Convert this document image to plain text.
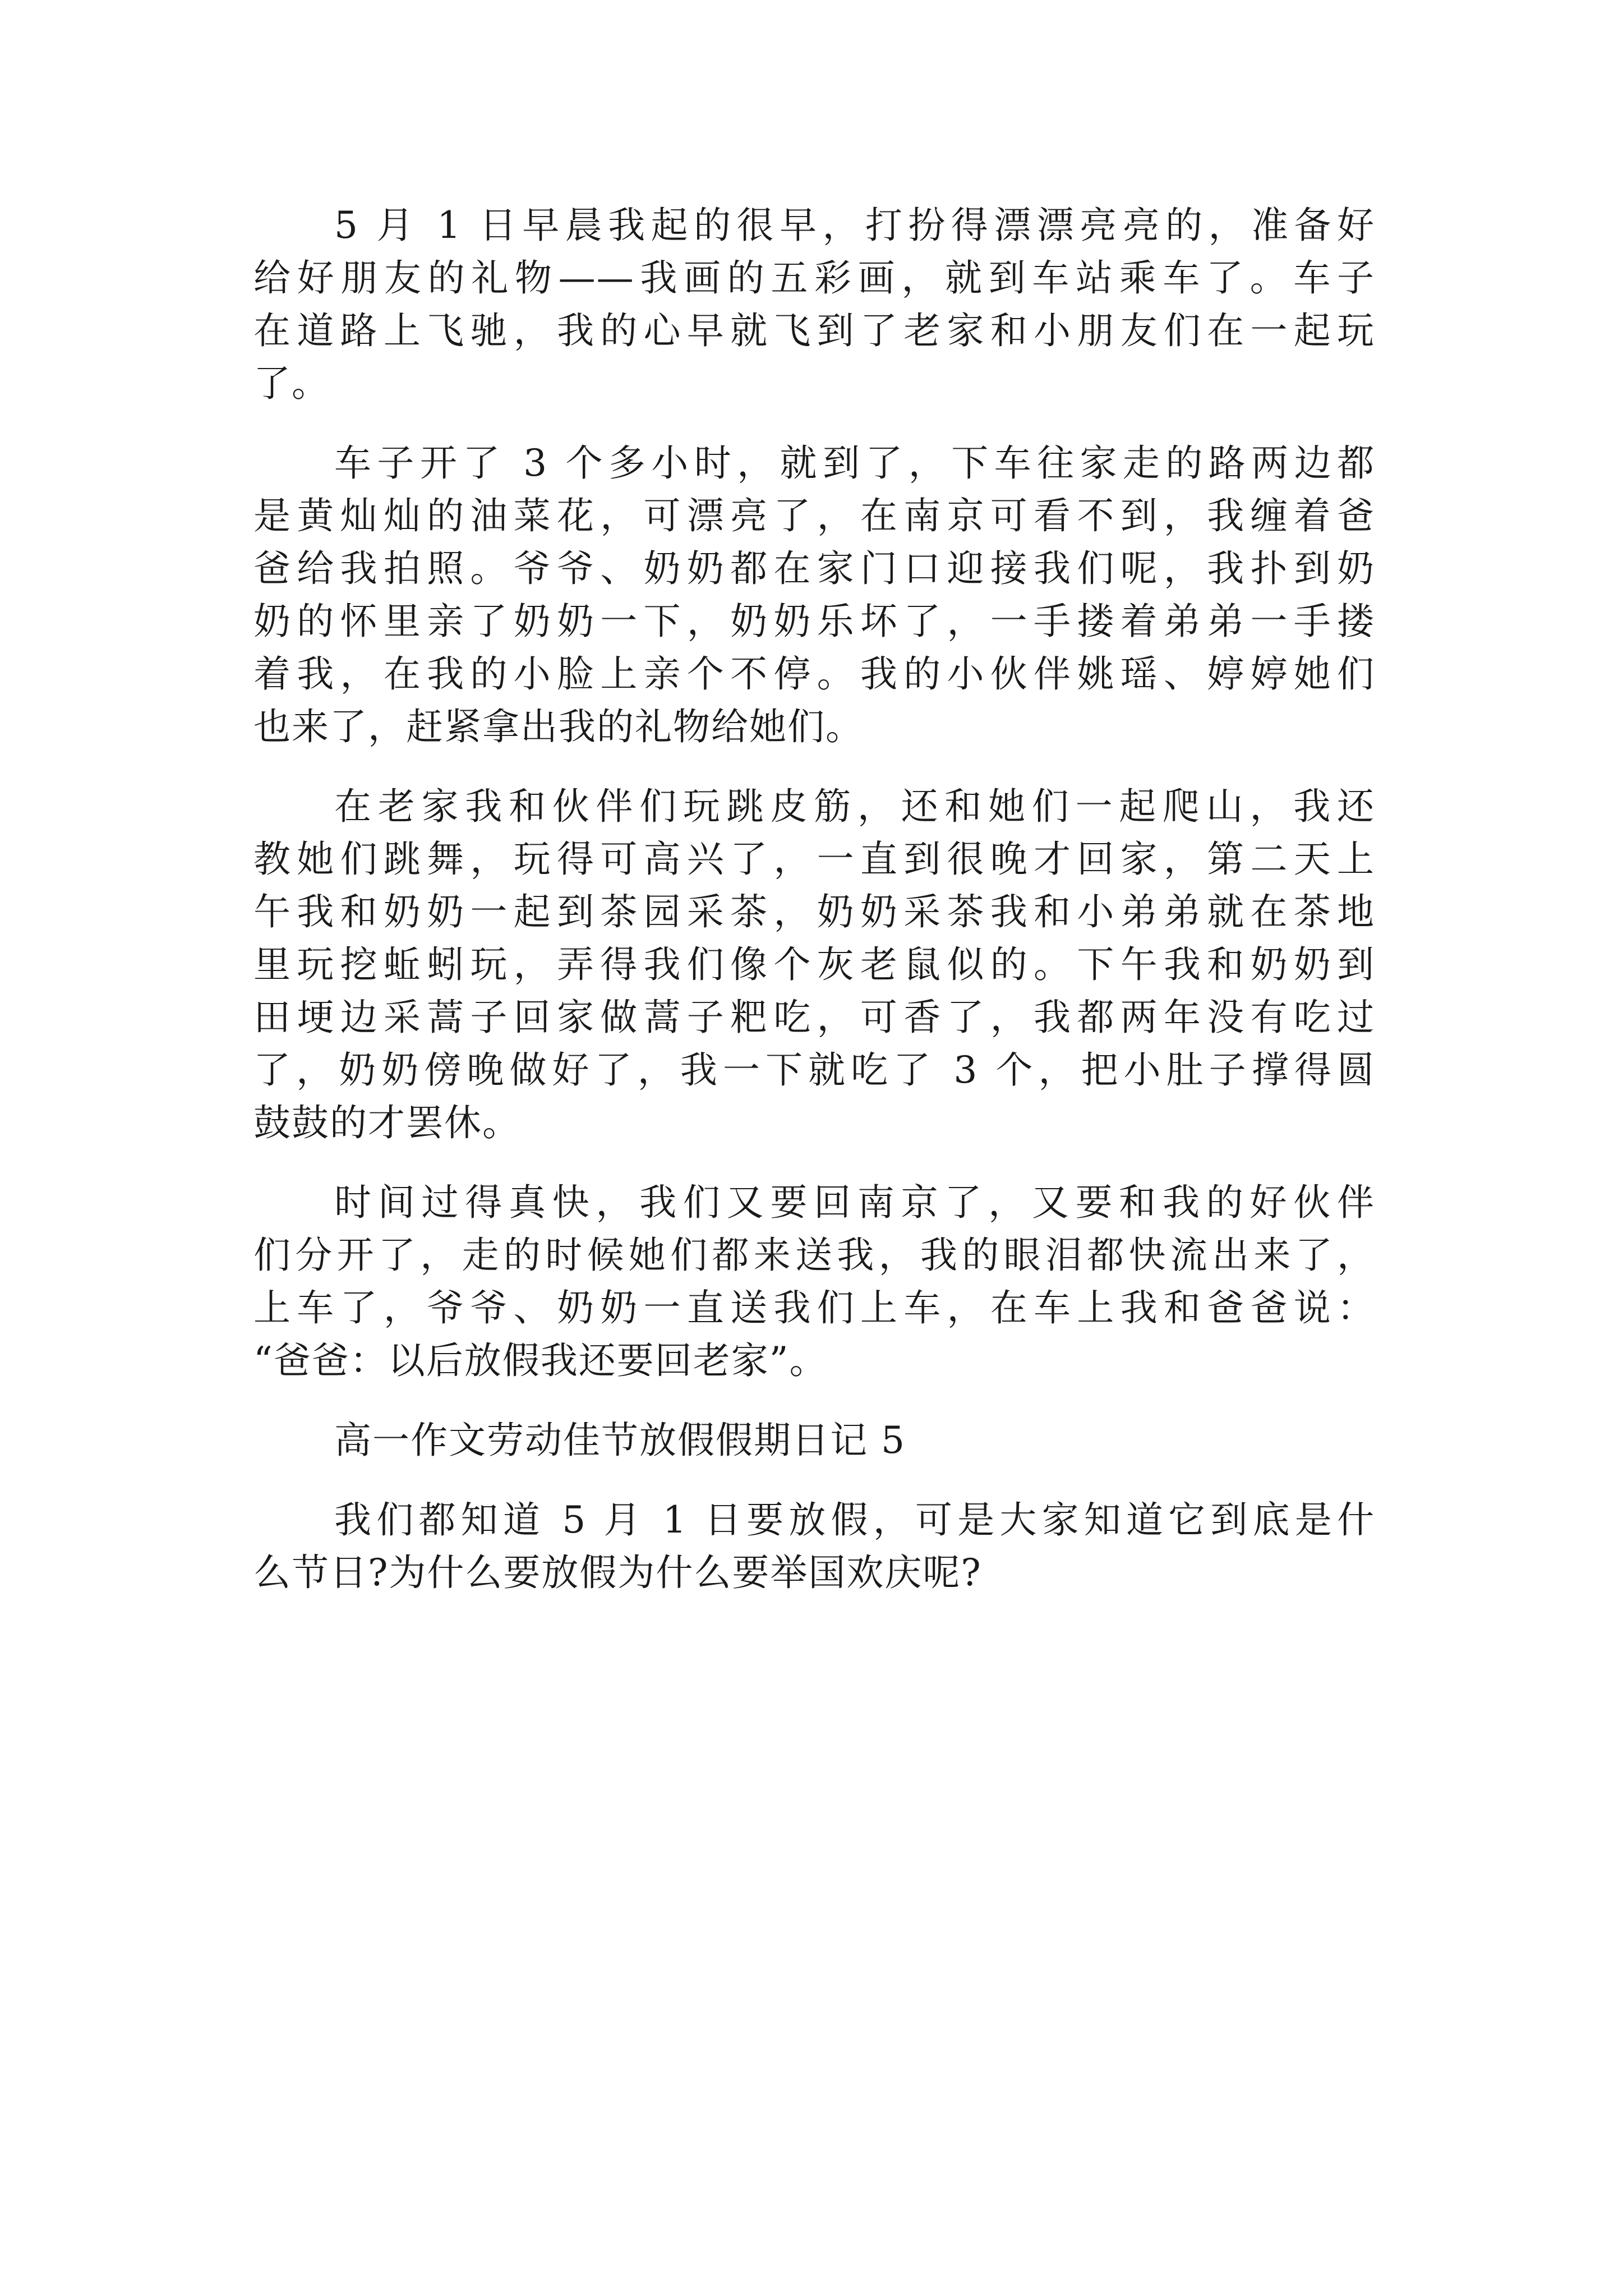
5 月 1 日早晨我起的很早，打扮得漂漂亮亮的，准备好
给好朋友的礼物——我画的五彩画，就到车站乘车了。车子
在道路上飞驰，我的心早就飞到了老家和小朋友们在一起玩
了。
车子开了 3 个多小时，就到了，下车往家走的路两边都
是黄灿灿的油菜花，可漂亮了，在南京可看不到，我缠着爸
爸给我拍照。爷爷、奶奶都在家门口迎接我们呢，我扑到奶
奶的怀里亲了奶奶一下，奶奶乐坏了，一手搂着弟弟一手搂
着我，在我的小脸上亲个不停。我的小伙伴姚瑶、婷婷她们
也来了，赶紧拿出我的礼物给她们。
在老家我和伙伴们玩跳皮筋，还和她们一起爬山，我还
教她们跳舞，玩得可高兴了，一直到很晚才回家，第二天上
午我和奶奶一起到茶园采茶，奶奶采茶我和小弟弟就在茶地
里玩挖蚯蚓玩，弄得我们像个灰老鼠似的。下午我和奶奶到
田埂边采蒿子回家做蒿子粑吃，可香了，我都两年没有吃过
了，奶奶傍晚做好了，我一下就吃了 3 个，把小肚子撑得圆
鼓鼓的才罢休。
时间过得真快，我们又要回南京了，又要和我的好伙伴
们分开了，走的时候她们都来送我，我的眼泪都快流出来了，
上车了，爷爷、奶奶一直送我们上车，在车上我和爸爸说：
“爸爸：以后放假我还要回老家”。
高一作文劳动佳节放假假期日记 5
我们都知道 5 月 1 日要放假，可是大家知道它到底是什
么节日?为什么要放假为什么要举国欢庆呢?
